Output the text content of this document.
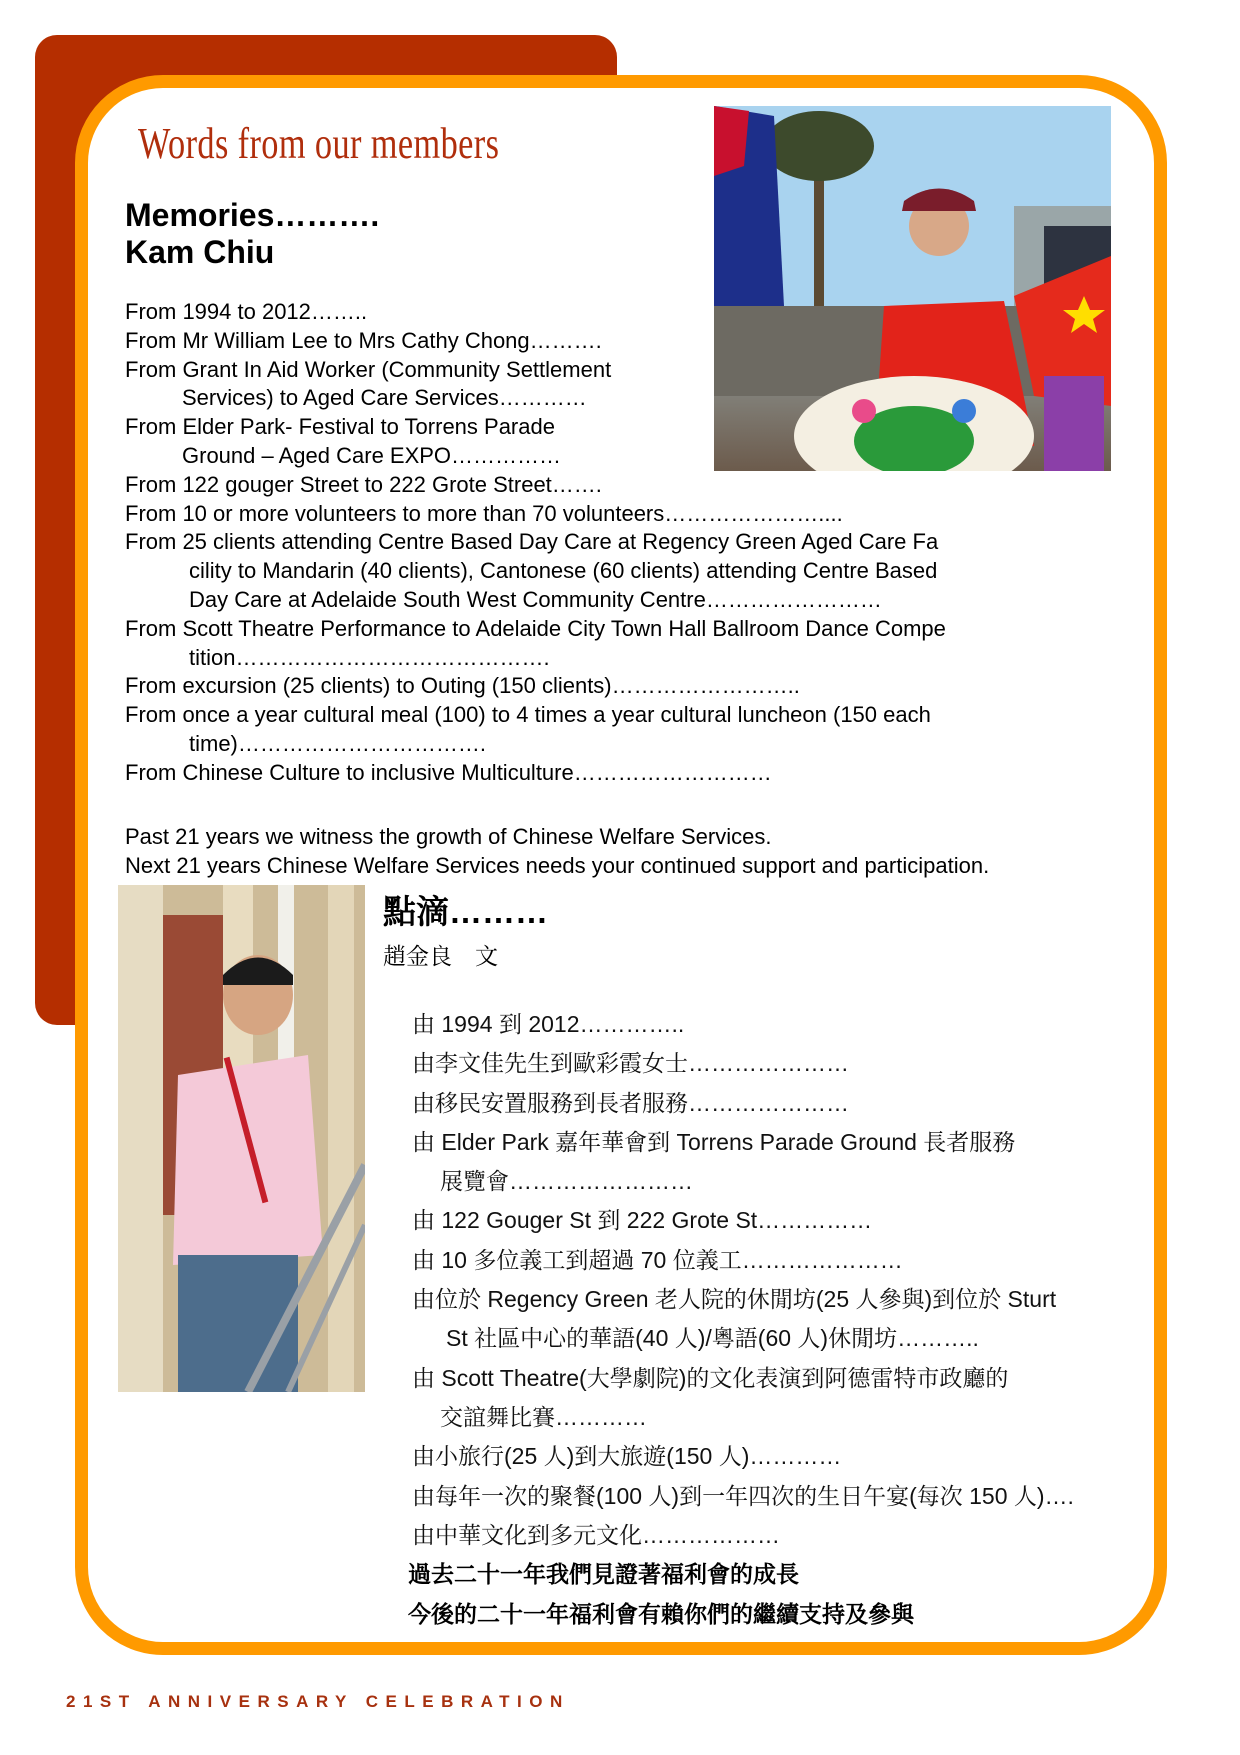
Words from our members
Memories……….
Kam Chiu
From 1994 to 2012……..
From Mr William Lee to Mrs Cathy Chong……….
From Grant In Aid Worker (Community Settlement
Services) to Aged Care Services…………
From Elder Park- Festival to Torrens Parade
Ground – Aged Care EXPO……………
From 122 gouger Street to 222 Grote Street…….
From 10 or more volunteers to more than 70 volunteers…………………....
From 25 clients attending Centre Based Day Care at Regency Green Aged Care Fa
cility to Mandarin (40 clients), Cantonese (60 clients) attending Centre Based
Day Care at Adelaide South West Community Centre……………………
From Scott Theatre Performance to Adelaide City Town Hall Ballroom Dance Compe
tition…………………………………….
From excursion (25 clients) to Outing (150 clients)……………………..
From once a year cultural meal (100) to 4 times a year cultural luncheon (150 each
time)…………………………….
From Chinese Culture to inclusive Multiculture………………………
Past 21 years we witness the growth of Chinese Welfare Services.
Next 21 years Chinese Welfare Services needs your continued support and participation.
點滴………
趙金良　文
由 1994 到 2012…………..
由李文佳先生到歐彩霞女士…………………
由移民安置服務到長者服務…………………
由 Elder Park 嘉年華會到 Torrens Parade Ground 長者服務
展覽會……………………
由 122 Gouger St 到 222 Grote St……………
由 10 多位義工到超過 70 位義工…………………
由位於 Regency Green 老人院的休閒坊(25 人參與)到位於 Sturt
St 社區中心的華語(40 人)/粵語(60 人)休閒坊………..
由 Scott Theatre(大學劇院)的文化表演到阿德雷特市政廳的
交誼舞比賽…………
由小旅行(25 人)到大旅遊(150 人)…………
由每年一次的聚餐(100 人)到一年四次的生日午宴(每次 150 人)….
由中華文化到多元文化………………
過去二十一年我們見證著福利會的成長
今後的二十一年福利會有賴你們的繼續支持及參與
21ST ANNIVERSARY CELEBRATION
